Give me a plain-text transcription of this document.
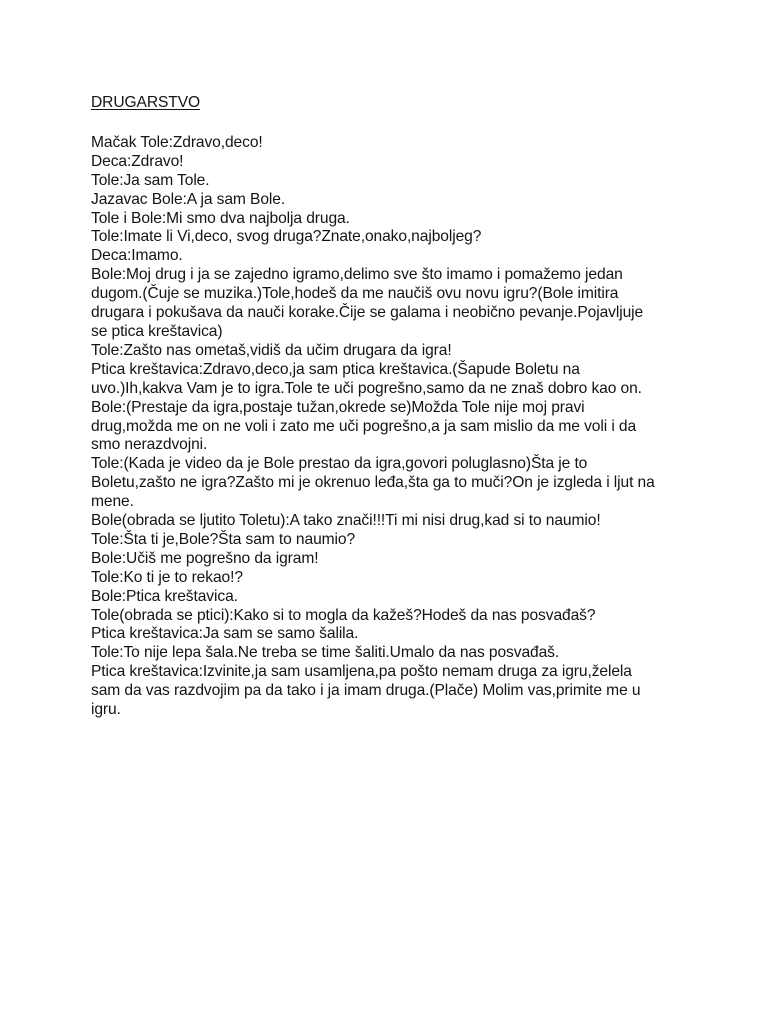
DRUGARSTVO
Mačak Tole:Zdravo,deco!
Deca:Zdravo!
Tole:Ja sam Tole.
Jazavac Bole:A ja sam Bole.
Tole i Bole:Mi smo dva najbolja druga.
Tole:Imate li Vi,deco, svog druga?Znate,onako,najboljeg?
Deca:Imamo.
Bole:Moj drug i ja se zajedno igramo,delimo sve što imamo i pomažemo jedan
dugom.(Čuje se muzika.)Tole,hodeš da me naučiš ovu novu igru?(Bole imitira
drugara i pokušava da nauči korake.Čije se galama i neobično pevanje.Pojavljuje
se ptica kreštavica)
Tole:Zašto nas ometaš,vidiš da učim drugara da igra!
Ptica kreštavica:Zdravo,deco,ja sam ptica kreštavica.(Šapude Boletu na
uvo.)Ih,kakva Vam je to igra.Tole te uči pogrešno,samo da ne znaš dobro kao on.
Bole:(Prestaje da igra,postaje tužan,okrede se)Možda Tole nije moj pravi
drug,možda me on ne voli i zato me uči pogrešno,a ja sam mislio da me voli i da
smo nerazdvojni.
Tole:(Kada je video da je Bole prestao da igra,govori poluglasno)Šta je to
Boletu,zašto ne igra?Zašto mi je okrenuo leđa,šta ga to muči?On je izgleda i ljut na
mene.
Bole(obrada se ljutito Toletu):A tako znači!!!Ti mi nisi drug,kad si to naumio!
Tole:Šta ti je,Bole?Šta sam to naumio?
Bole:Učiš me pogrešno da igram!
Tole:Ko ti je to rekao!?
Bole:Ptica kreštavica.
Tole(obrada se ptici):Kako si to mogla da kažeš?Hodeš da nas posvađaš?
Ptica kreštavica:Ja sam se samo šalila.
Tole:To nije lepa šala.Ne treba se time šaliti.Umalo da nas posvađaš.
Ptica kreštavica:Izvinite,ja sam usamljena,pa pošto nemam druga za igru,želela
sam da vas razdvojim pa da tako i ja imam druga.(Plače) Molim vas,primite me u
igru.
